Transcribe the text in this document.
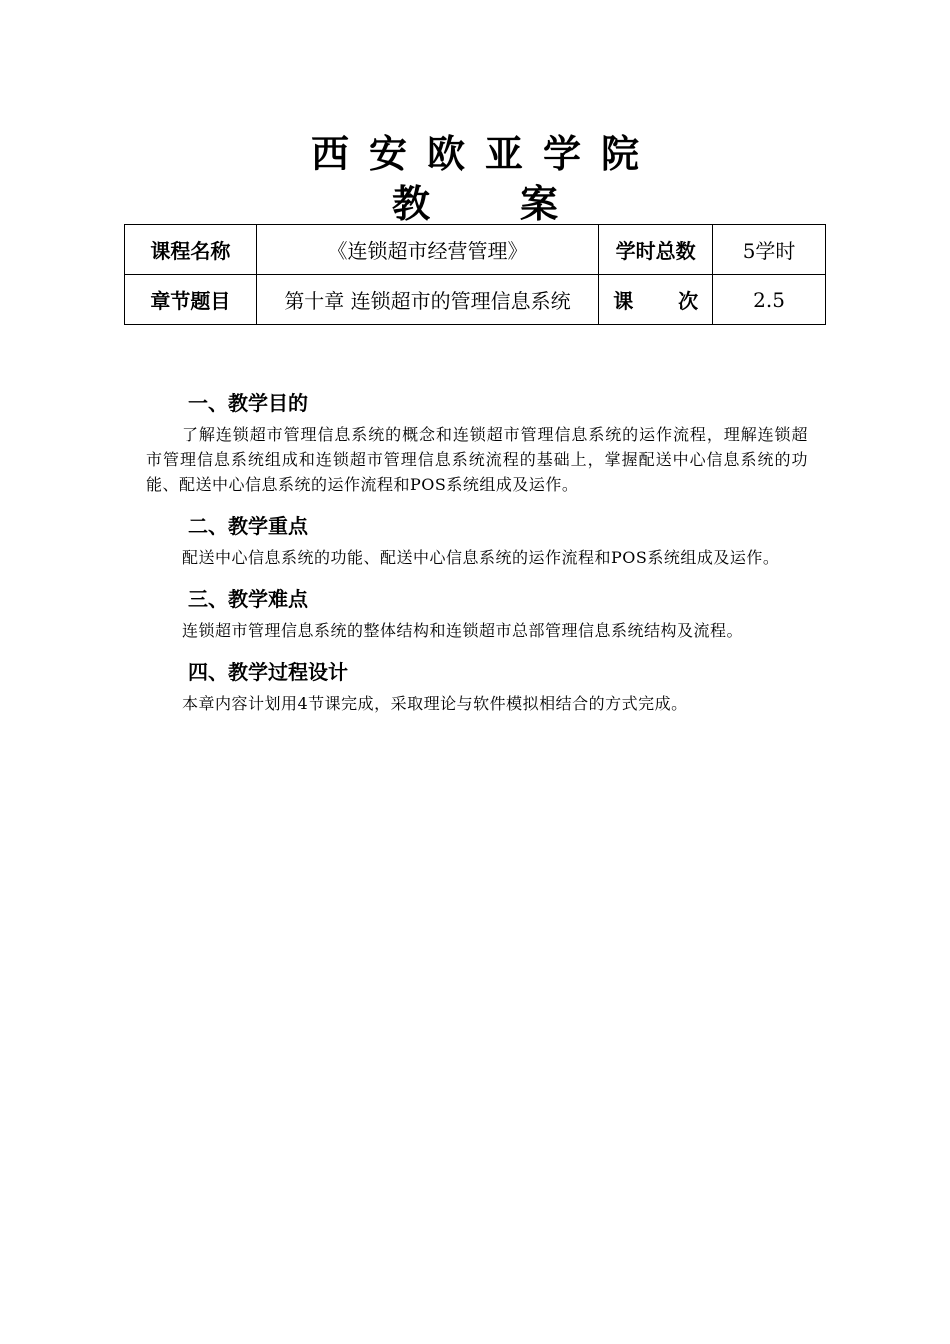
西安欧亚学院
教 案
课程名称	《连锁超市经营管理》	学时总数	5学时
章节题目	第十章 连锁超市的管理信息系统	课 次	2.5

一、教学目的

了解连锁超市管理信息系统的概念和连锁超市管理信息系统的运作流程，理解连锁超市管理信息系统组成和连锁超市管理信息系统流程的基础上，掌握配送中心信息系统的功能、配送中心信息系统的运作流程和POS系统组成及运作。

二、教学重点

配送中心信息系统的功能、配送中心信息系统的运作流程和POS系统组成及运作。

三、教学难点

连锁超市管理信息系统的整体结构和连锁超市总部管理信息系统结构及流程。

四、教学过程设计

本章内容计划用4节课完成，采取理论与软件模拟相结合的方式完成。
